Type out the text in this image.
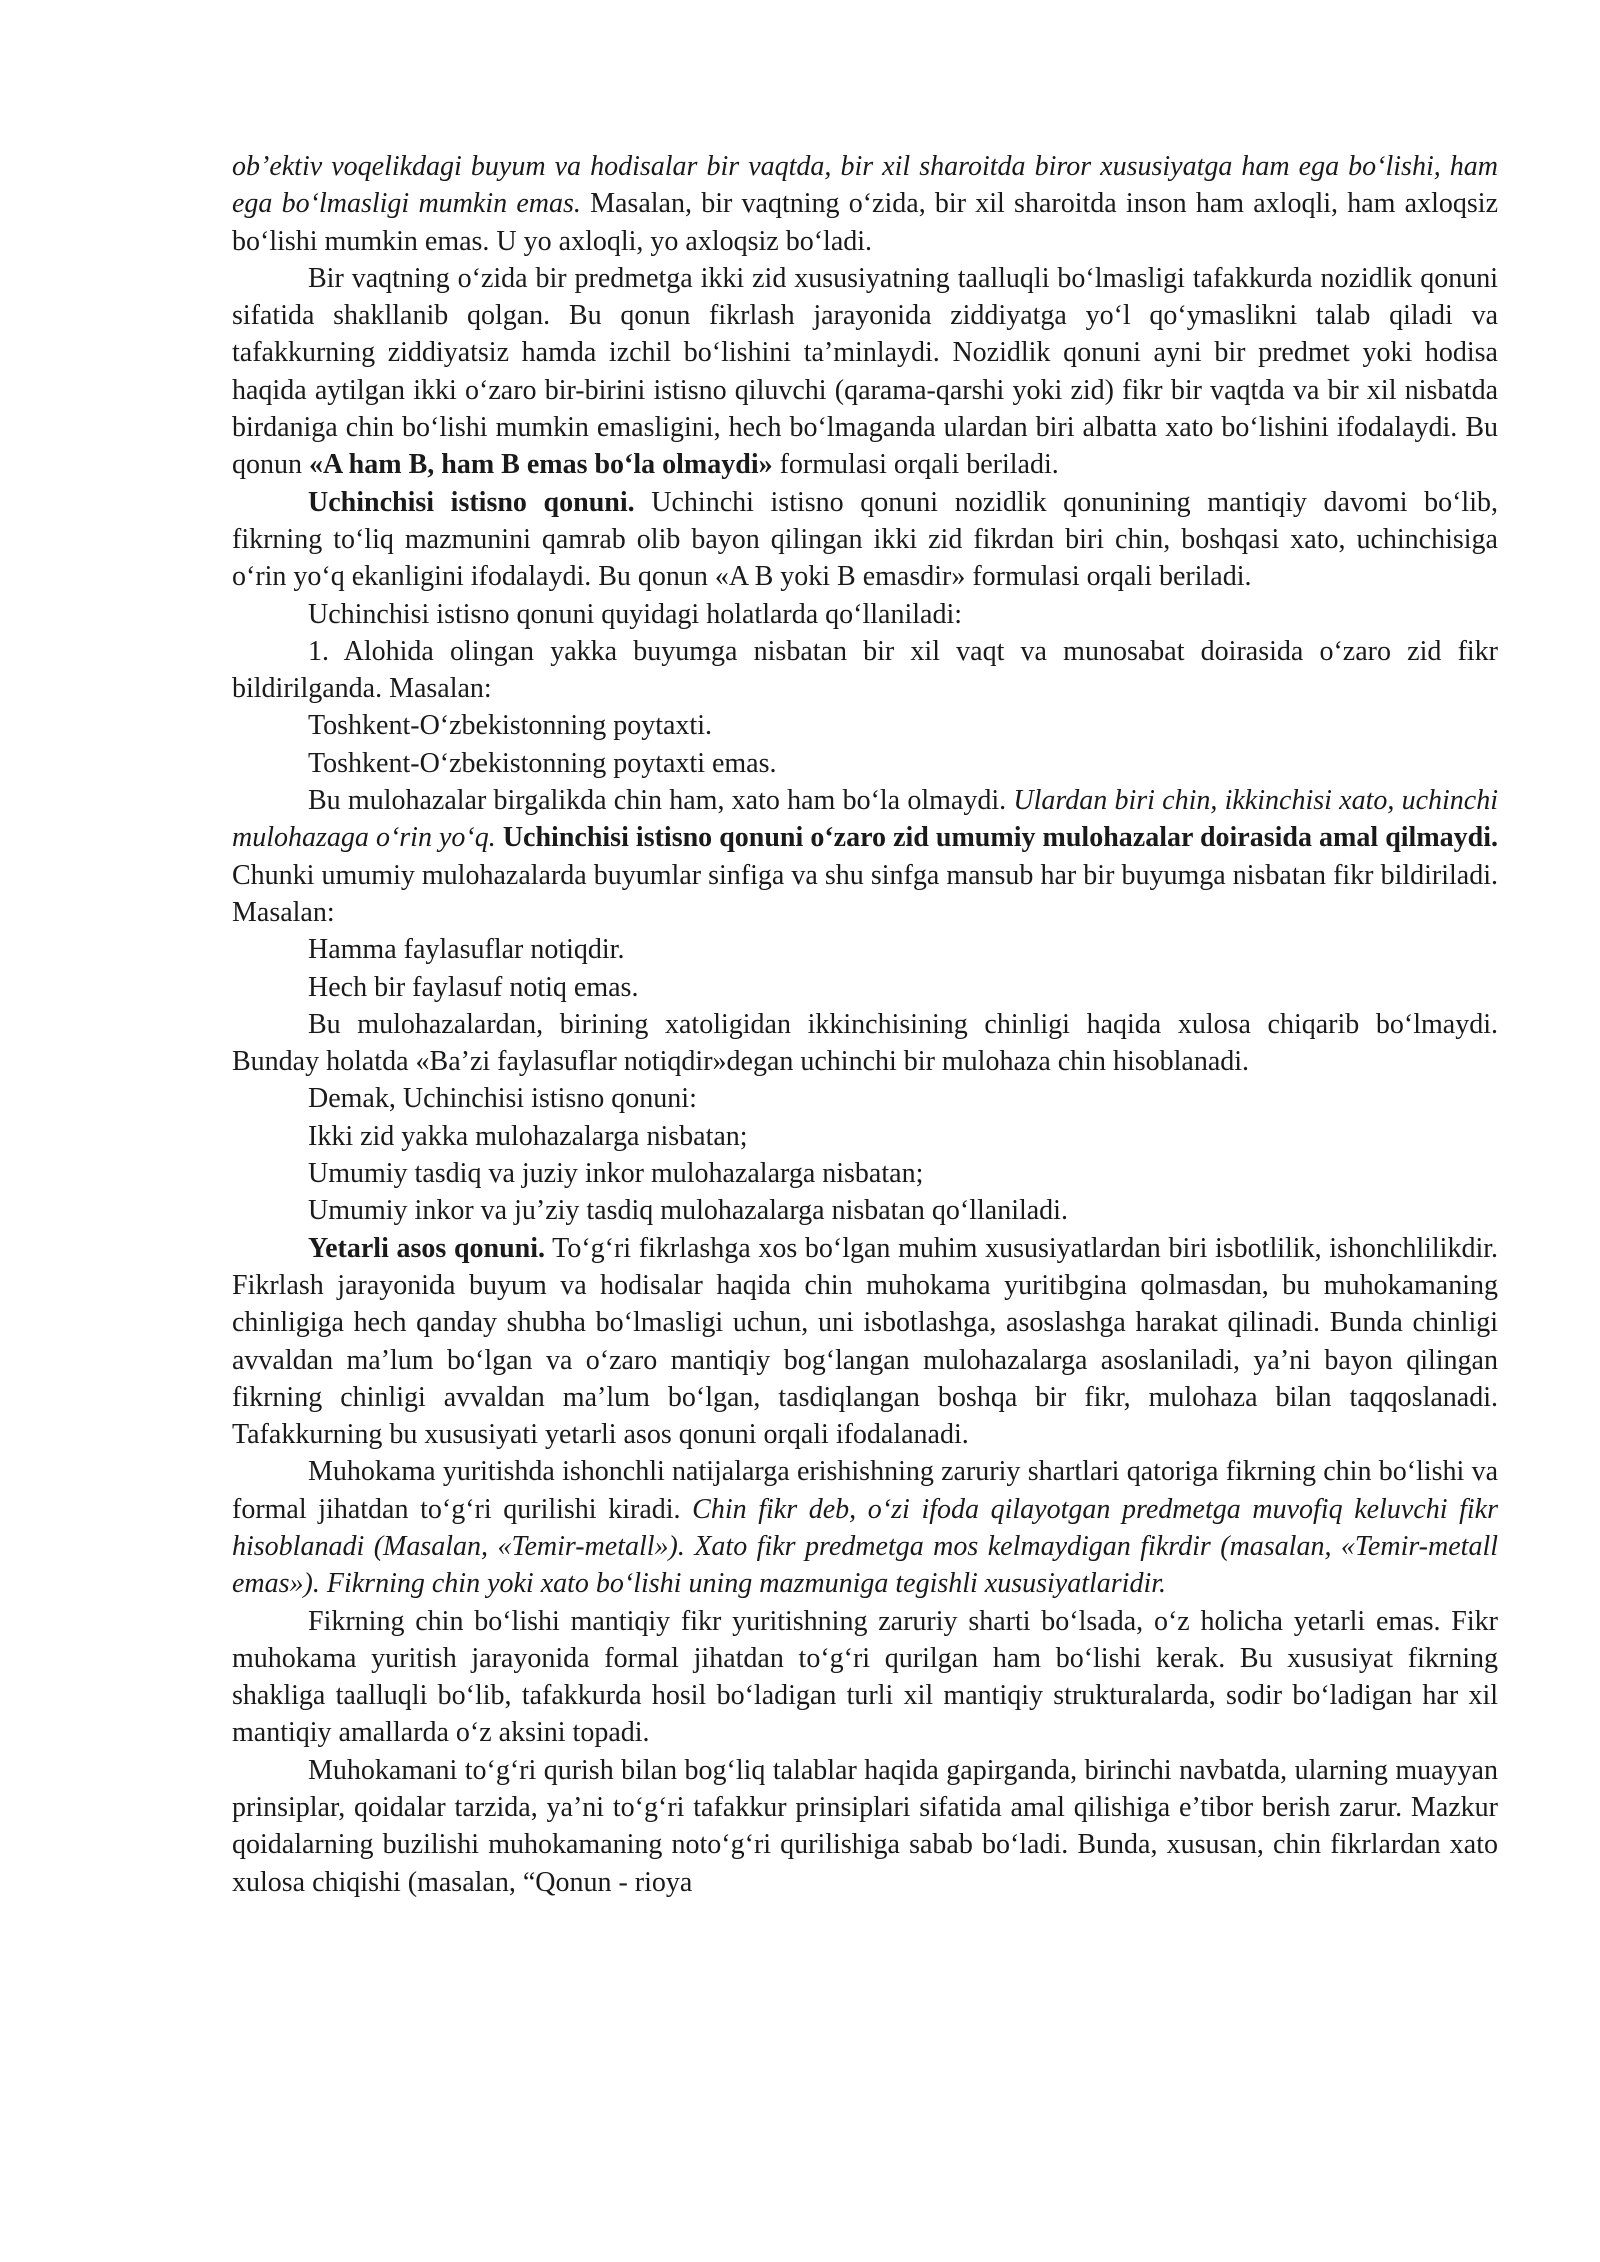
ob’ektiv voqelikdagi buyum va hodisalar bir vaqtda, bir xil sharoitda biror xususiyatga ham ega bo‘lishi, ham ega bo‘lmasligi mumkin emas. Masalan, bir vaqtning o‘zida, bir xil sharoitda inson ham axloqli, ham axloqsiz bo‘lishi mumkin emas. U yo axloqli, yo axloqsiz bo‘ladi.

Bir vaqtning o‘zida bir predmetga ikki zid xususiyatning taalluqli bo‘lmasligi tafakkurda nozidlik qonuni sifatida shakllanib qolgan. Bu qonun fikrlash jarayonida ziddiyatga yo‘l qo‘ymaslikni talab qiladi va tafakkurning ziddiyatsiz hamda izchil bo‘lishini ta’minlaydi. Nozidlik qonuni ayni bir predmet yoki hodisa haqida aytilgan ikki o‘zaro bir-birini istisno qiluvchi (qarama-qarshi yoki zid) fikr bir vaqtda va bir xil nisbatda birdaniga chin bo‘lishi mumkin emasligini, hech bo‘lmaganda ulardan biri albatta xato bo‘lishini ifodalaydi. Bu qonun «A ham B, ham B emas bo‘la olmaydi» formulasi orqali beriladi.

Uchinchisi istisno qonuni. Uchinchi istisno qonuni nozidlik qonunining mantiqiy davomi bo‘lib, fikrning to‘liq mazmunini qamrab olib bayon qilingan ikki zid fikrdan biri chin, boshqasi xato, uchinchisiga o‘rin yo‘q ekanligini ifodalaydi. Bu qonun «A B yoki B emasdir» formulasi orqali beriladi.

Uchinchisi istisno qonuni quyidagi holatlarda qo‘llaniladi:

1. Alohida olingan yakka buyumga nisbatan bir xil vaqt va munosabat doirasida o‘zaro zid fikr bildirilganda. Masalan:

Toshkent-O‘zbekistonning poytaxti.

Toshkent-O‘zbekistonning poytaxti emas.

Bu mulohazalar birgalikda chin ham, xato ham bo‘la olmaydi. Ulardan biri chin, ikkinchisi xato, uchinchi mulohazaga o‘rin yo‘q. Uchinchisi istisno qonuni o‘zaro zid umumiy mulohazalar doirasida amal qilmaydi. Chunki umumiy mulohazalarda buyumlar sinfiga va shu sinfga mansub har bir buyumga nisbatan fikr bildiriladi. Masalan:

Hamma faylasuflar notiqdir.

Hech bir faylasuf notiq emas.

Bu mulohazalardan, birining xatoligidan ikkinchisining chinligi haqida xulosa chiqarib bo‘lmaydi. Bunday holatda «Ba’zi faylasuflar notiqdir»degan uchinchi bir mulohaza chin hisoblanadi.

Demak, Uchinchisi istisno qonuni:

Ikki zid yakka mulohazalarga nisbatan;

Umumiy tasdiq va juziy inkor mulohazalarga nisbatan;

Umumiy inkor va ju’ziy tasdiq mulohazalarga nisbatan qo‘llaniladi.

Yetarli asos qonuni. To‘g‘ri fikrlashga xos bo‘lgan muhim xususiyatlardan biri isbotlilik, ishonchlilikdir. Fikrlash jarayonida buyum va hodisalar haqida chin muhokama yuritibgina qolmasdan, bu muhokamaning chinligiga hech qanday shubha bo‘lmasligi uchun, uni isbotlashga, asoslashga harakat qilinadi. Bunda chinligi avvaldan ma’lum bo‘lgan va o‘zaro mantiqiy bog‘langan mulohazalarga asoslaniladi, ya’ni bayon qilingan fikrning chinligi avvaldan ma’lum bo‘lgan, tasdiqlangan boshqa bir fikr, mulohaza bilan taqqoslanadi. Tafakkurning bu xususiyati yetarli asos qonuni orqali ifodalanadi.

Muhokama yuritishda ishonchli natijalarga erishishning zaruriy shartlari qatoriga fikrning chin bo‘lishi va formal jihatdan to‘g‘ri qurilishi kiradi. Chin fikr deb, o‘zi ifoda qilayotgan predmetga muvofiq keluvchi fikr hisoblanadi (Masalan, «Temir-metall»). Xato fikr predmetga mos kelmaydigan fikrdir (masalan, «Temir-metall emas»). Fikrning chin yoki xato bo‘lishi uning mazmuniga tegishli xususiyatlaridir.

Fikrning chin bo‘lishi mantiqiy fikr yuritishning zaruriy sharti bo‘lsada, o‘z holicha yetarli emas. Fikr muhokama yuritish jarayonida formal jihatdan to‘g‘ri qurilgan ham bo‘lishi kerak. Bu xususiyat fikrning shakliga taalluqli bo‘lib, tafakkurda hosil bo‘ladigan turli xil mantiqiy strukturalarda, sodir bo‘ladigan har xil mantiqiy amallarda o‘z aksini topadi.

Muhokamani to‘g‘ri qurish bilan bog‘liq talablar haqida gapirganda, birinchi navbatda, ularning muayyan prinsiplar, qoidalar tarzida, ya’ni to‘g‘ri tafakkur prinsiplari sifatida amal qilishiga e’tibor berish zarur. Mazkur qoidalarning buzilishi muhokamaning noto‘g‘ri qurilishiga sabab bo‘ladi. Bunda, xususan, chin fikrlardan xato xulosa chiqishi (masalan, “Qonun - rioya
